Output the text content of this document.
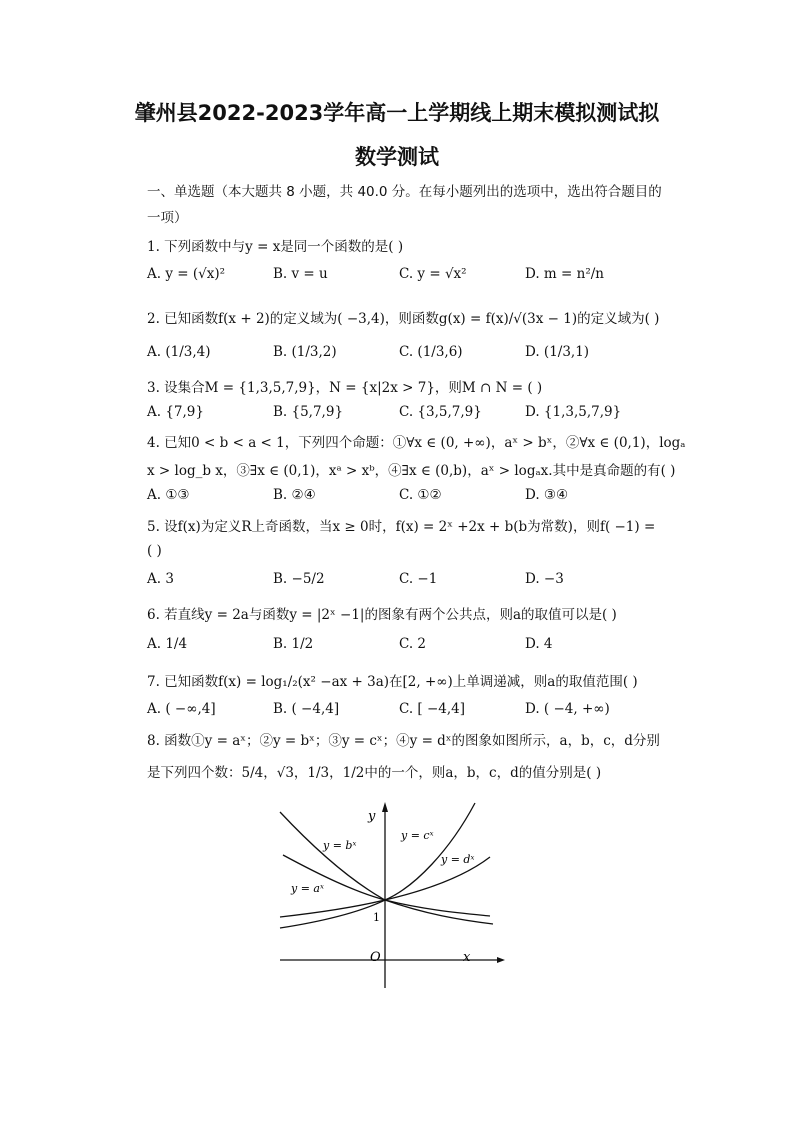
肇州县2022-2023学年高一上学期线上期末模拟测试拟
数学测试
一、单选题（本大题共 8 小题，共 40.0 分。在每小题列出的选项中，选出符合题目的
一项）
1. 下列函数中与y = x是同一个函数的是( )
A. y = (√x)²	B. v = u	C. y = √x²	D. m = n²/n
2. 已知函数f(x + 2)的定义域为( −3,4)，则函数g(x) = f(x)/√(3x − 1)的定义域为( )
A. (1/3,4)	B. (1/3,2)	C. (1/3,6)	D. (1/3,1)
3. 设集合M = {1,3,5,7,9}，N = {x|2x > 7}，则M ∩ N = ( )
A. {7,9}	B. {5,7,9}	C. {3,5,7,9}	D. {1,3,5,7,9}
4. 已知0 < b < a < 1，下列四个命题：①∀x ∈ (0, +∞)，aˣ > bˣ，②∀x ∈ (0,1)，logₐ
x > log_b x，③∃x ∈ (0,1)，xᵃ > xᵇ，④∃x ∈ (0,b)，aˣ > logₐx.其中是真命题的有( )
A. ①③	B. ②④	C. ①②	D. ③④
5. 设f(x)为定义R上奇函数，当x ≥ 0时，f(x) = 2ˣ +2x + b(b为常数)，则f( −1) =
( )
A. 3	B. −5/2	C. −1	D. −3
6. 若直线y = 2a与函数y = |2ˣ −1|的图象有两个公共点，则a的取值可以是( )
A. 1/4	B. 1/2	C. 2	D. 4
7. 已知函数f(x) = log₁/₂(x² −ax + 3a)在[2, +∞)上单调递减，则a的取值范围( )
A. ( −∞,4]	B. ( −4,4]	C. [ −4,4]	D. ( −4, +∞)
8. 函数①y = aˣ；②y = bˣ；③y = cˣ；④y = dˣ的图象如图所示，a，b，c，d分别
是下列四个数：5/4，√3，1/3，1/2中的一个，则a，b，c，d的值分别是( )
y
x
O
1
y = aˣ
y = bˣ
y = cˣ
y = dˣ
